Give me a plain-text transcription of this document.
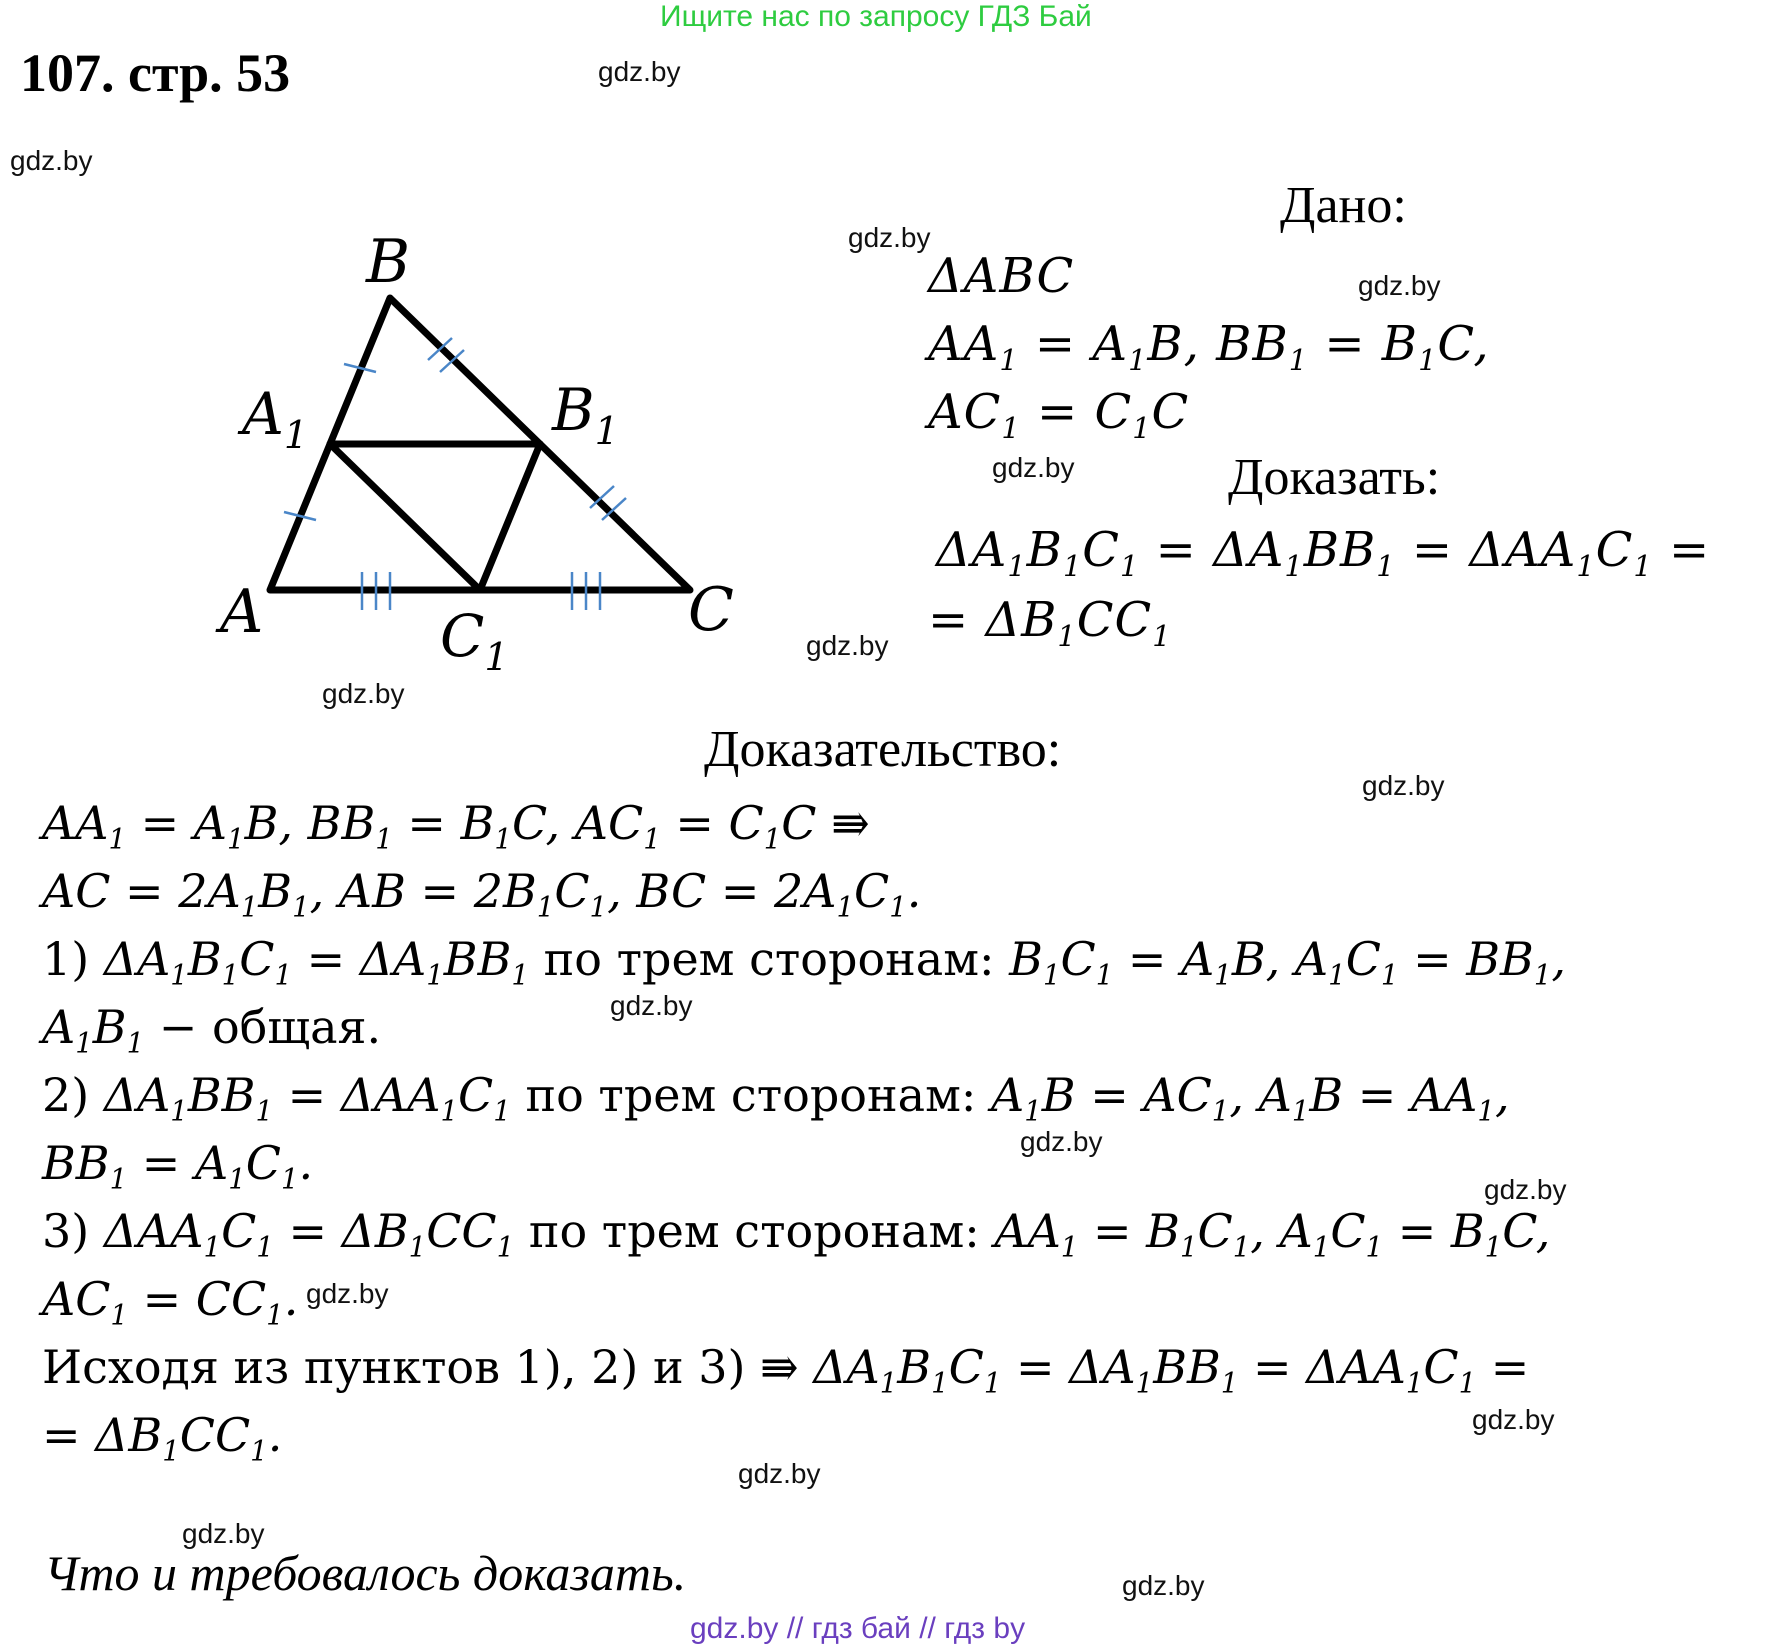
Ищите нас по запросу ГДЗ Бай
107. стр. 53	gdz.by
gdz.by
gdz.by
gdz.by
gdz.by
gdz.by
gdz.by
gdz.by
gdz.by
gdz.by
gdz.by
gdz.by
gdz.by
gdz.by
gdz.by
gdz.by
B
A	C
$A_1$	$B_1$
$C_1$
Дано:
ΔABC
$AA_1 = A_1B$, $BB_1 = B_1C$,
$AC_1 = C_1C$
Доказать:
$\Delta A_1B_1C_1 = \Delta A_1BB_1 = \Delta AA_1C_1$ =
= $\Delta B_1CC_1$
Доказательство:
$AA_1 = A_1B$, $BB_1 = B_1C$, $AC_1 = C_1C$ ⇛
AC = $2A_1B_1$, AB = $2B_1C_1$, BC = $2A_1C_1$.
1) $\Delta A_1B_1C_1 = \Delta A_1BB_1$ по трем сторонам: $B_1C_1 = A_1B$, $A_1C_1 = BB_1$,
$A_1B_1$ − общая.
2) $\Delta A_1BB_1 = \Delta AA_1C_1$ по трем сторонам: $A_1B = AC_1$, $A_1B = AA_1$,
$BB_1 = A_1C_1$.
3) $\Delta AA_1C_1 = \Delta B_1CC_1$ по трем сторонам: $AA_1 = B_1C_1$, $A_1C_1 = B_1C$,
$AC_1 = CC_1$.
Исходя из пунктов 1), 2) и 3) ⇛ $\Delta A_1B_1C_1 = \Delta A_1BB_1 = \Delta AA_1C_1$ =
= $\Delta B_1CC_1$.
Что и требовалось доказать.
gdz.by // гдз бай // гдз by
